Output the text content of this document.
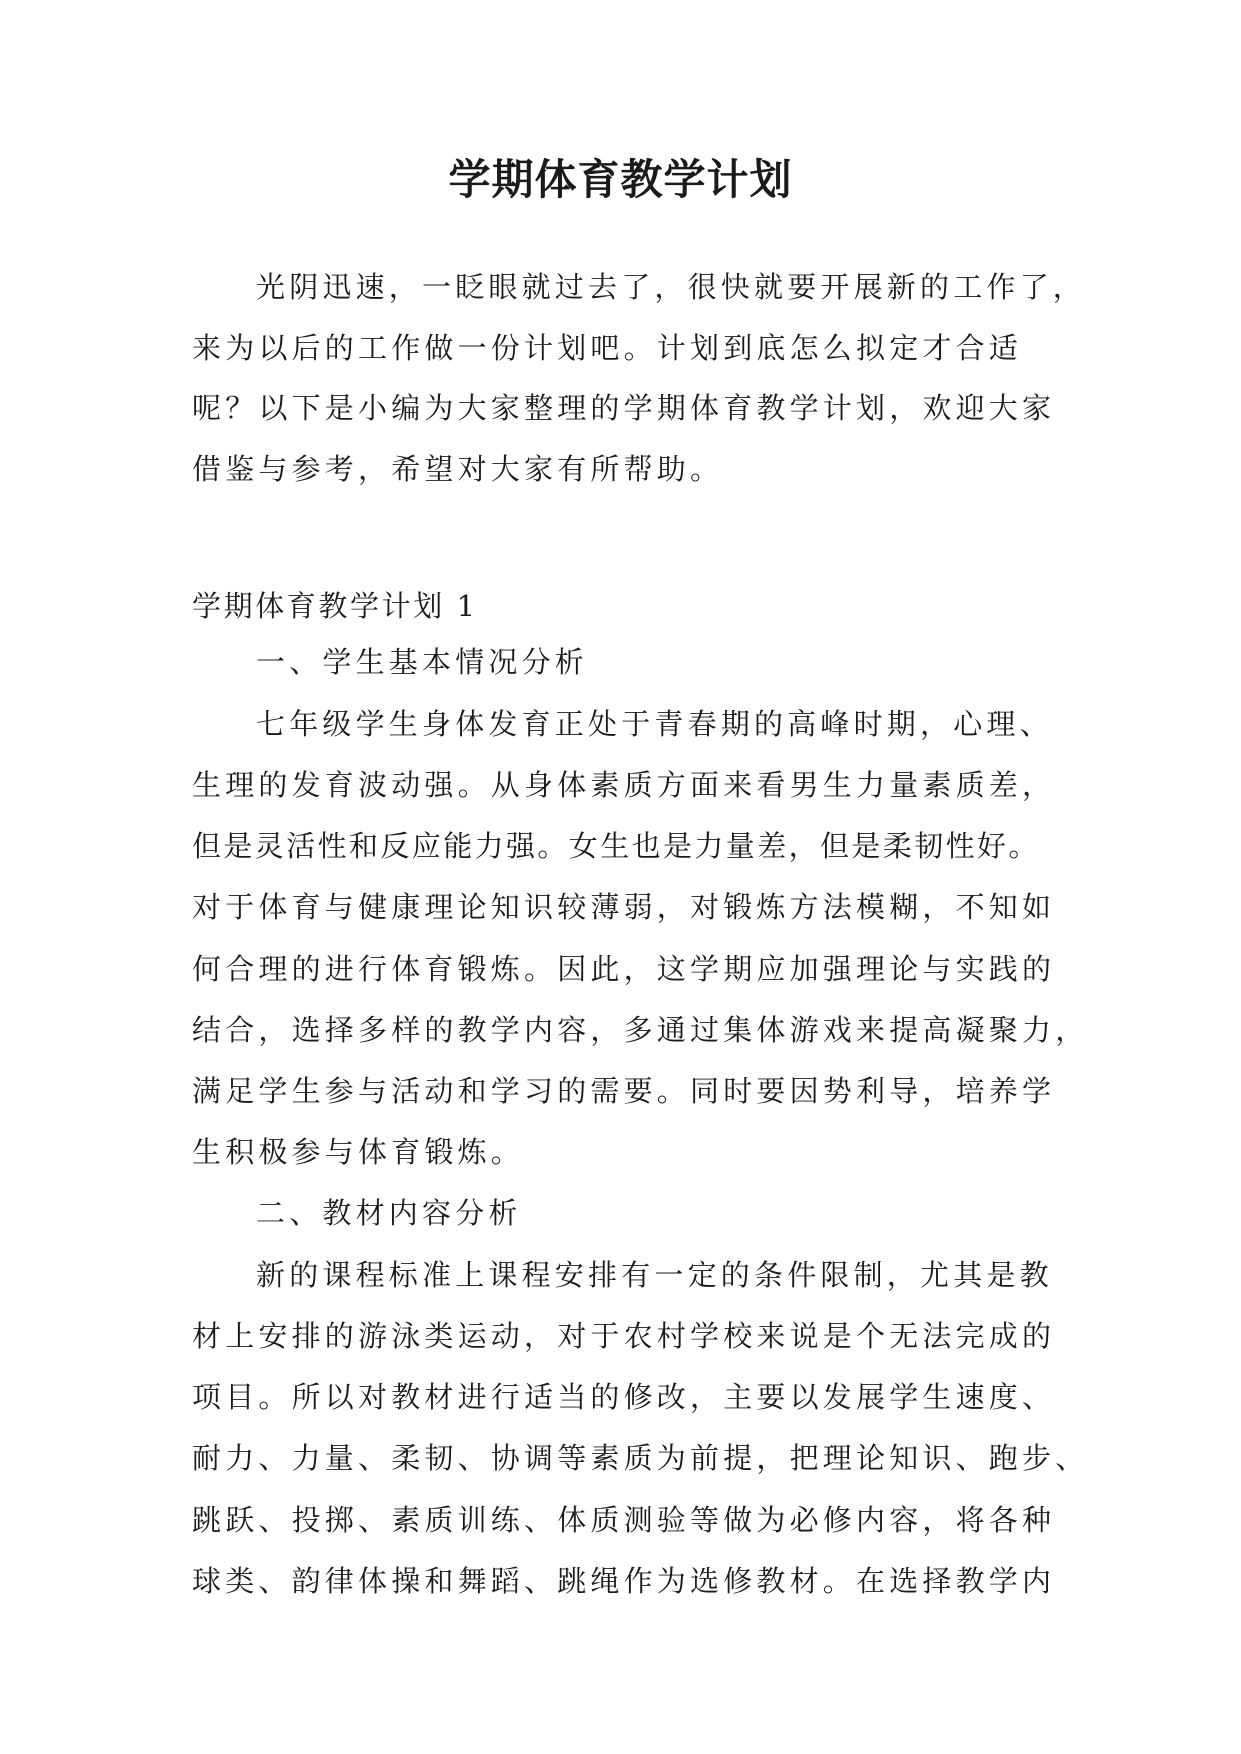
学期体育教学计划

光阴迅速，一眨眼就过去了，很快就要开展新的工作了，

来为以后的工作做一份计划吧。计划到底怎么拟定才合适

呢？以下是小编为大家整理的学期体育教学计划，欢迎大家

借鉴与参考，希望对大家有所帮助。

学期体育教学计划 1

一、学生基本情况分析

七年级学生身体发育正处于青春期的高峰时期，心理、

生理的发育波动强。从身体素质方面来看男生力量素质差，

但是灵活性和反应能力强。女生也是力量差，但是柔韧性好。

对于体育与健康理论知识较薄弱，对锻炼方法模糊，不知如

何合理的进行体育锻炼。因此，这学期应加强理论与实践的

结合，选择多样的教学内容，多通过集体游戏来提高凝聚力，

满足学生参与活动和学习的需要。同时要因势利导，培养学

生积极参与体育锻炼。

二、教材内容分析

新的课程标准上课程安排有一定的条件限制，尤其是教

材上安排的游泳类运动，对于农村学校来说是个无法完成的

项目。所以对教材进行适当的修改，主要以发展学生速度、

耐力、力量、柔韧、协调等素质为前提，把理论知识、跑步、

跳跃、投掷、素质训练、体质测验等做为必修内容，将各种

球类、韵律体操和舞蹈、跳绳作为选修教材。在选择教学内
